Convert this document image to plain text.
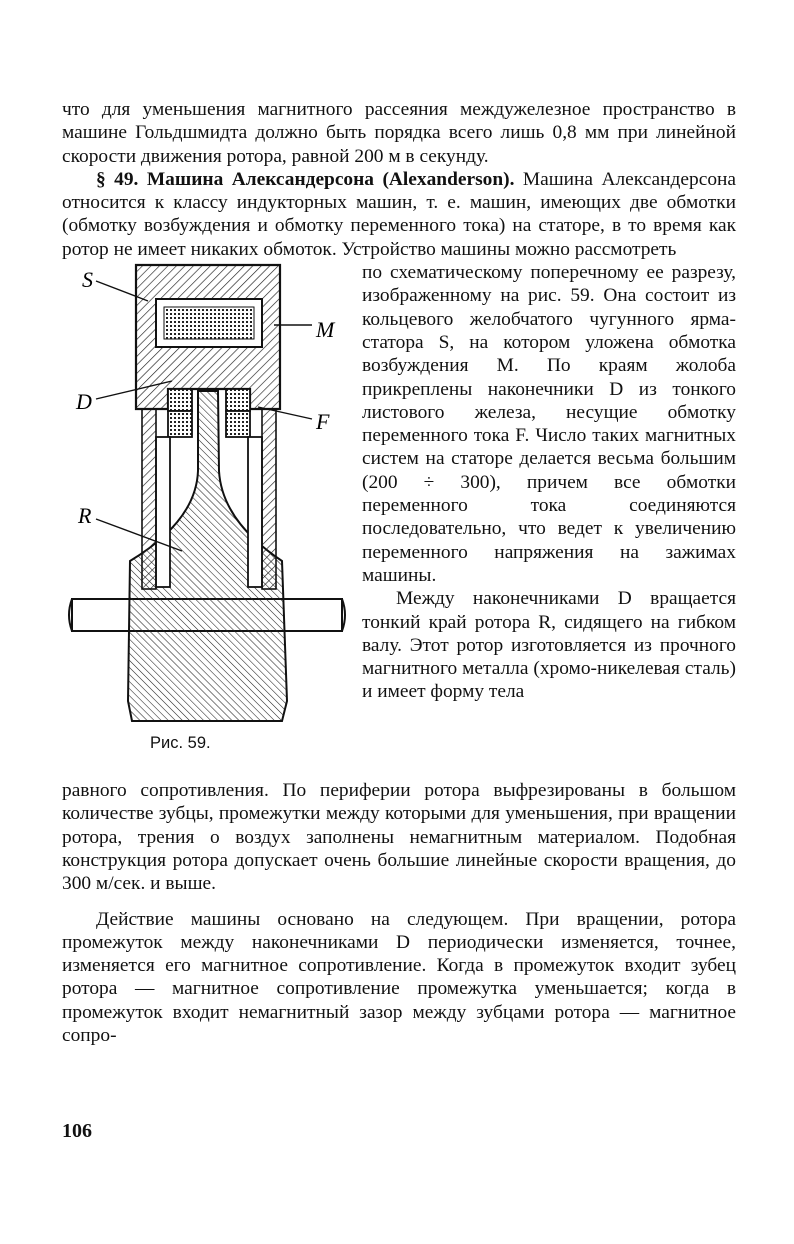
что для уменьшения магнитного рассеяния междужелезное пространство в машине Гольдшмидта должно быть порядка всего лишь 0,8 мм при линейной скорости движения ротора, равной 200 м в секунду.

§ 49. Машина Александерсона (Alexanderson). Машина Александерсона относится к классу индукторных машин, т. е. машин, имеющих две обмотки (обмотку возбуждения и обмотку переменного тока) на статоре, в то время как ротор не имеет никаких обмоток. Устройство машины можно рассмотреть

S
M
D
F
R
Рис. 59.

по схематическому поперечному ее разрезу, изображенному на рис. 59. Она состоит из кольцевого желобчатого чугунного ярма-статора S, на котором уложена обмотка возбуждения M. По краям жолоба прикреплены наконечники D из тонкого листового железа, несущие обмотку переменного тока F. Число таких магнитных систем на статоре делается весьма большим (200 ÷ 300), причем все обмотки переменного тока соединяются последовательно, что ведет к увеличению переменного напряжения на зажимах машины.

Между наконечниками D вращается тонкий край ротора R, сидящего на гибком валу. Этот ротор изготовляется из прочного магнитного металла (хромо-никелевая сталь) и имеет форму тела

равного сопротивления. По периферии ротора выфрезированы в большом количестве зубцы, промежутки между которыми для уменьшения, при вращении ротора, трения о воздух заполнены немагнитным материалом. Подобная конструкция ротора допускает очень большие линейные скорости вращения, до 300 м/сек. и выше.

Действие машины основано на следующем. При вращении, ротора промежуток между наконечниками D периодически изменяется, точнее, изменяется его магнитное сопротивление. Когда в промежуток входит зубец ротора — магнитное сопротивление промежутка уменьшается; когда в промежуток входит немагнитный зазор между зубцами ротора — магнитное сопро-

106
